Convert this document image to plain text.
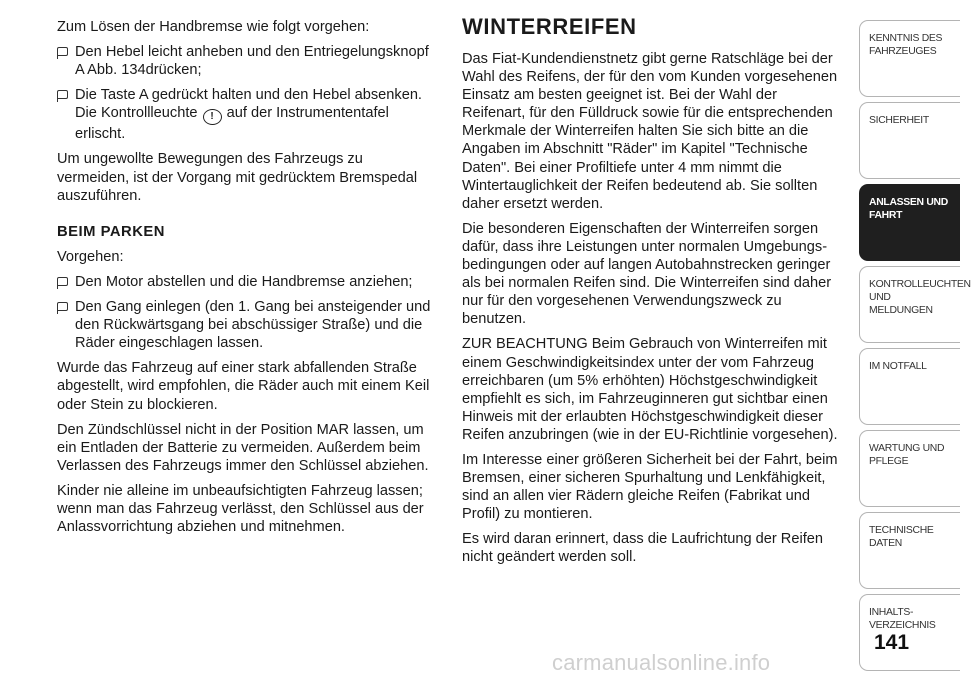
Zum Lösen der Handbremse wie folgt vorgehen:

Den Hebel leicht anheben und den Entriegelungsknopf A Abb. 134drücken;
Die Taste A gedrückt halten und den Hebel absenken. Die Kontrollleuchte ! auf der Instrumententafel erlischt.

Um ungewollte Bewegungen des Fahrzeugs zu vermeiden, ist der Vorgang mit gedrücktem Bremspedal auszuführen.

BEIM PARKEN

Vorgehen:

Den Motor abstellen und die Handbremse anziehen;
Den Gang einlegen (den 1. Gang bei ansteigender und den Rückwärtsgang bei abschüssiger Straße) und die Räder eingeschlagen lassen.

Wurde das Fahrzeug auf einer stark abfallenden Straße abgestellt, wird empfohlen, die Räder auch mit einem Keil oder Stein zu blockieren.

Den Zündschlüssel nicht in der Position MAR lassen, um ein Entladen der Batterie zu vermeiden. Außerdem beim Verlassen des Fahrzeugs immer den Schlüssel abziehen.

Kinder nie alleine im unbeaufsichtigten Fahrzeug lassen; wenn man das Fahrzeug verlässt, den Schlüssel aus der Anlassvorrichtung abziehen und mitnehmen.

WINTERREIFEN

Das Fiat-Kundendienstnetz gibt gerne Ratschläge bei der Wahl des Reifens, der für den vom Kunden vorgesehenen Einsatz am besten geeignet ist. Bei der Wahl der Reifenart, für den Fülldruck sowie für die entsprechenden Merkmale der Winterreifen halten Sie sich bitte an die Angaben im Abschnitt "Räder" im Kapitel "Technische Daten". Bei einer Profiltiefe unter 4 mm nimmt die Wintertauglichkeit der Reifen bedeutend ab. Sie sollten daher ersetzt werden.

Die besonderen Eigenschaften der Winterreifen sorgen dafür, dass ihre Leistungen unter normalen Umgebungs-bedingungen oder auf langen Autobahnstrecken geringer als bei normalen Reifen sind. Die Winterreifen sind daher nur für den vorgesehenen Verwendungszweck zu benutzen.

ZUR BEACHTUNG Beim Gebrauch von Winterreifen mit einem Geschwindigkeitsindex unter der vom Fahrzeug erreichbaren (um 5% erhöhten) Höchstgeschwindigkeit empfiehlt es sich, im Fahrzeuginneren gut sichtbar einen Hinweis mit der erlaubten Höchstgeschwindigkeit dieser Reifen anzubringen (wie in der EU-Richtlinie vorgesehen).

Im Interesse einer größeren Sicherheit bei der Fahrt, beim Bremsen, einer sicheren Spurhaltung und Lenkfähigkeit, sind an allen vier Rädern gleiche Reifen (Fabrikat und Profil) zu montieren.

Es wird daran erinnert, dass die Laufrichtung der Reifen nicht geändert werden soll.

KENNTNIS DES
FAHRZEUGES
SICHERHEIT
ANLASSEN UND
FAHRT
KONTROLLEUCHTEN
UND MELDUNGEN
IM NOTFALL
WARTUNG UND
PFLEGE
TECHNISCHE DATEN
INHALTS-
VERZEICHNIS
141
carmanualsonline.info
